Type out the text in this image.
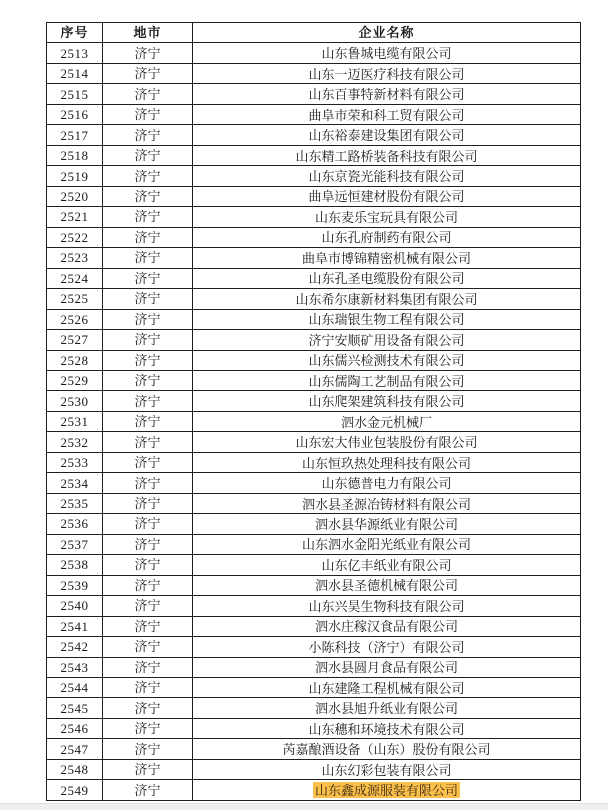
序号	地市	企业名称
2513	济宁	山东鲁城电缆有限公司
2514	济宁	山东一迈医疗科技有限公司
2515	济宁	山东百事特新材料有限公司
2516	济宁	曲阜市荣和科工贸有限公司
2517	济宁	山东裕泰建设集团有限公司
2518	济宁	山东精工路桥装备科技有限公司
2519	济宁	山东京瓷光能科技有限公司
2520	济宁	曲阜远恒建材股份有限公司
2521	济宁	山东麦乐宝玩具有限公司
2522	济宁	山东孔府制药有限公司
2523	济宁	曲阜市博锦精密机械有限公司
2524	济宁	山东孔圣电缆股份有限公司
2525	济宁	山东希尔康新材料集团有限公司
2526	济宁	山东瑞银生物工程有限公司
2527	济宁	济宁安顺矿用设备有限公司
2528	济宁	山东儒兴检测技术有限公司
2529	济宁	山东儒陶工艺制品有限公司
2530	济宁	山东爬架建筑科技有限公司
2531	济宁	泗水金元机械厂
2532	济宁	山东宏大伟业包装股份有限公司
2533	济宁	山东恒玖热处理科技有限公司
2534	济宁	山东德普电力有限公司
2535	济宁	泗水县圣源冶铸材料有限公司
2536	济宁	泗水县华源纸业有限公司
2537	济宁	山东泗水金阳光纸业有限公司
2538	济宁	山东亿丰纸业有限公司
2539	济宁	泗水县圣德机械有限公司
2540	济宁	山东兴昊生物科技有限公司
2541	济宁	泗水庄稼汉食品有限公司
2542	济宁	小陈科技（济宁）有限公司
2543	济宁	泗水县圆月食品有限公司
2544	济宁	山东建隆工程机械有限公司
2545	济宁	泗水县旭升纸业有限公司
2546	济宁	山东穗和环境技术有限公司
2547	济宁	芮嘉酿酒设备（山东）股份有限公司
2548	济宁	山东幻彩包装有限公司
2549	济宁	山东鑫成源服装有限公司
